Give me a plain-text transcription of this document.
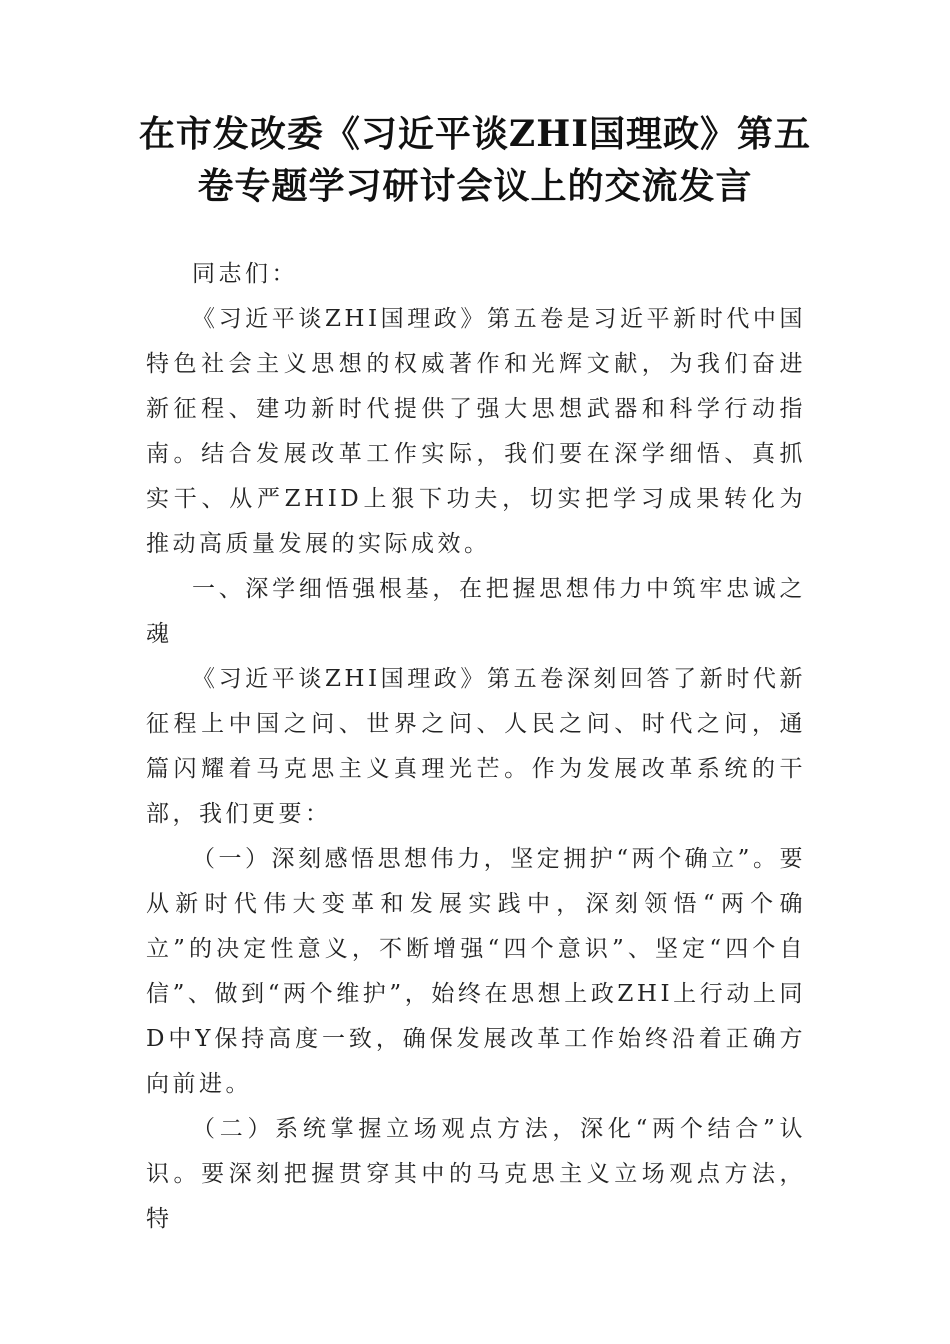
在市发改委《习近平谈ZHI国理政》第五卷专题学习研讨会议上的交流发言

同志们：

《习近平谈ZHI国理政》第五卷是习近平新时代中国特色社会主义思想的权威著作和光辉文献，为我们奋进新征程、建功新时代提供了强大思想武器和科学行动指南。结合发展改革工作实际，我们要在深学细悟、真抓实干、从严ZHID上狠下功夫，切实把学习成果转化为推动高质量发展的实际成效。

一、深学细悟强根基，在把握思想伟力中筑牢忠诚之魂

《习近平谈ZHI国理政》第五卷深刻回答了新时代新征程上中国之问、世界之问、人民之问、时代之问，通篇闪耀着马克思主义真理光芒。作为发展改革系统的干部，我们更要：

（一）深刻感悟思想伟力，坚定拥护“两个确立”。要从新时代伟大变革和发展实践中，深刻领悟“两个确立”的决定性意义，不断增强“四个意识”、坚定“四个自信”、做到“两个维护”，始终在思想上政ZHI上行动上同D中Y保持高度一致，确保发展改革工作始终沿着正确方向前进。

（二）系统掌握立场观点方法，深化“两个结合”认识。要深刻把握贯穿其中的马克思主义立场观点方法，特
